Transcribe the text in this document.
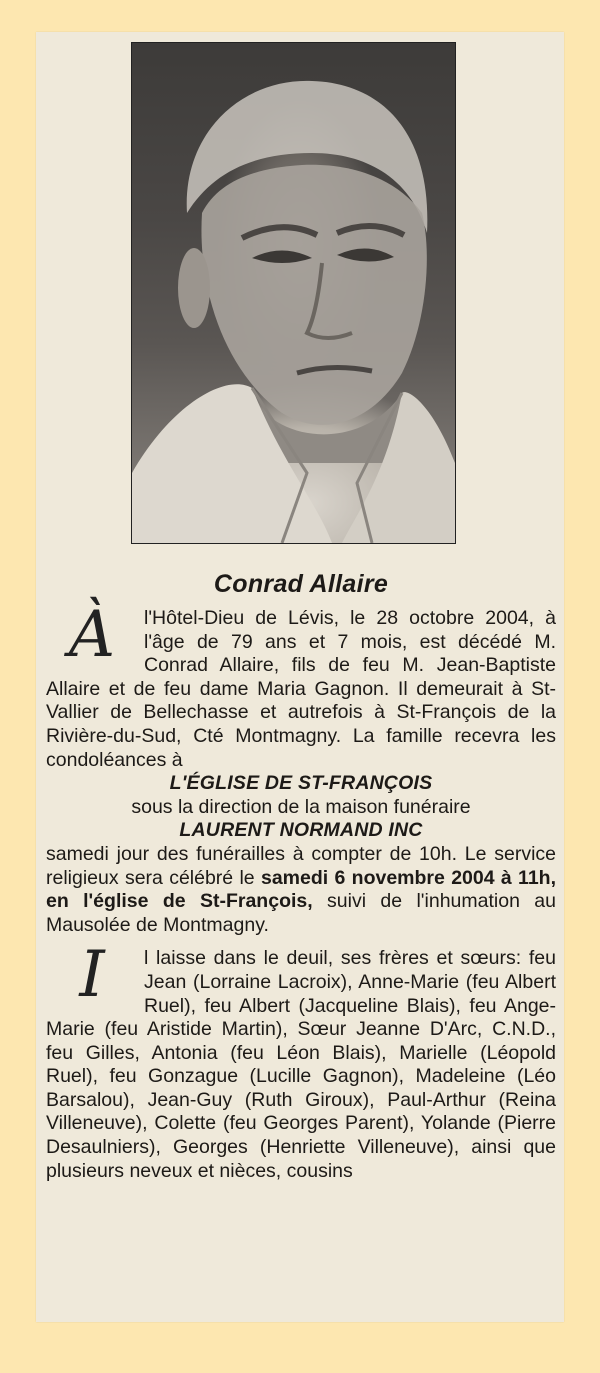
Conrad Allaire
À	l'Hôtel-Dieu de Lévis, le 28 octobre 2004, à l'âge de 79 ans et 7 mois, est décédé M. Conrad Allaire, fils de feu M. Jean-Baptiste Allaire et de feu dame Maria Gagnon. Il demeurait à St-Vallier de Bellechasse et autrefois à St-François de la Rivière-du-Sud, Cté Montmagny. La famille recevra les condoléances à
L'ÉGLISE DE ST-FRANÇOIS
sous la direction de la maison funéraire
LAURENT NORMAND INC
samedi jour des funérailles à compter de 10h. Le service religieux sera célébré le samedi 6 novembre 2004 à 11h, en l'église de St-François, suivi de l'inhumation au Mausolée de Montmagny.
I	l laisse dans le deuil, ses frères et sœurs: feu Jean (Lorraine Lacroix), Anne-Marie (feu Albert Ruel), feu Albert (Jacqueline Blais), feu Ange-Marie (feu Aristide Martin), Sœur Jeanne D'Arc, C.N.D., feu Gilles, Antonia (feu Léon Blais), Marielle (Léopold Ruel), feu Gonzague (Lucille Gagnon), Madeleine (Léo Barsalou), Jean-Guy (Ruth Giroux), Paul-Arthur (Reina Villeneuve), Colette (feu Georges Parent), Yolande (Pierre Desaulniers), Georges (Henriette Villeneuve), ainsi que plusieurs neveux et nièces, cousins
